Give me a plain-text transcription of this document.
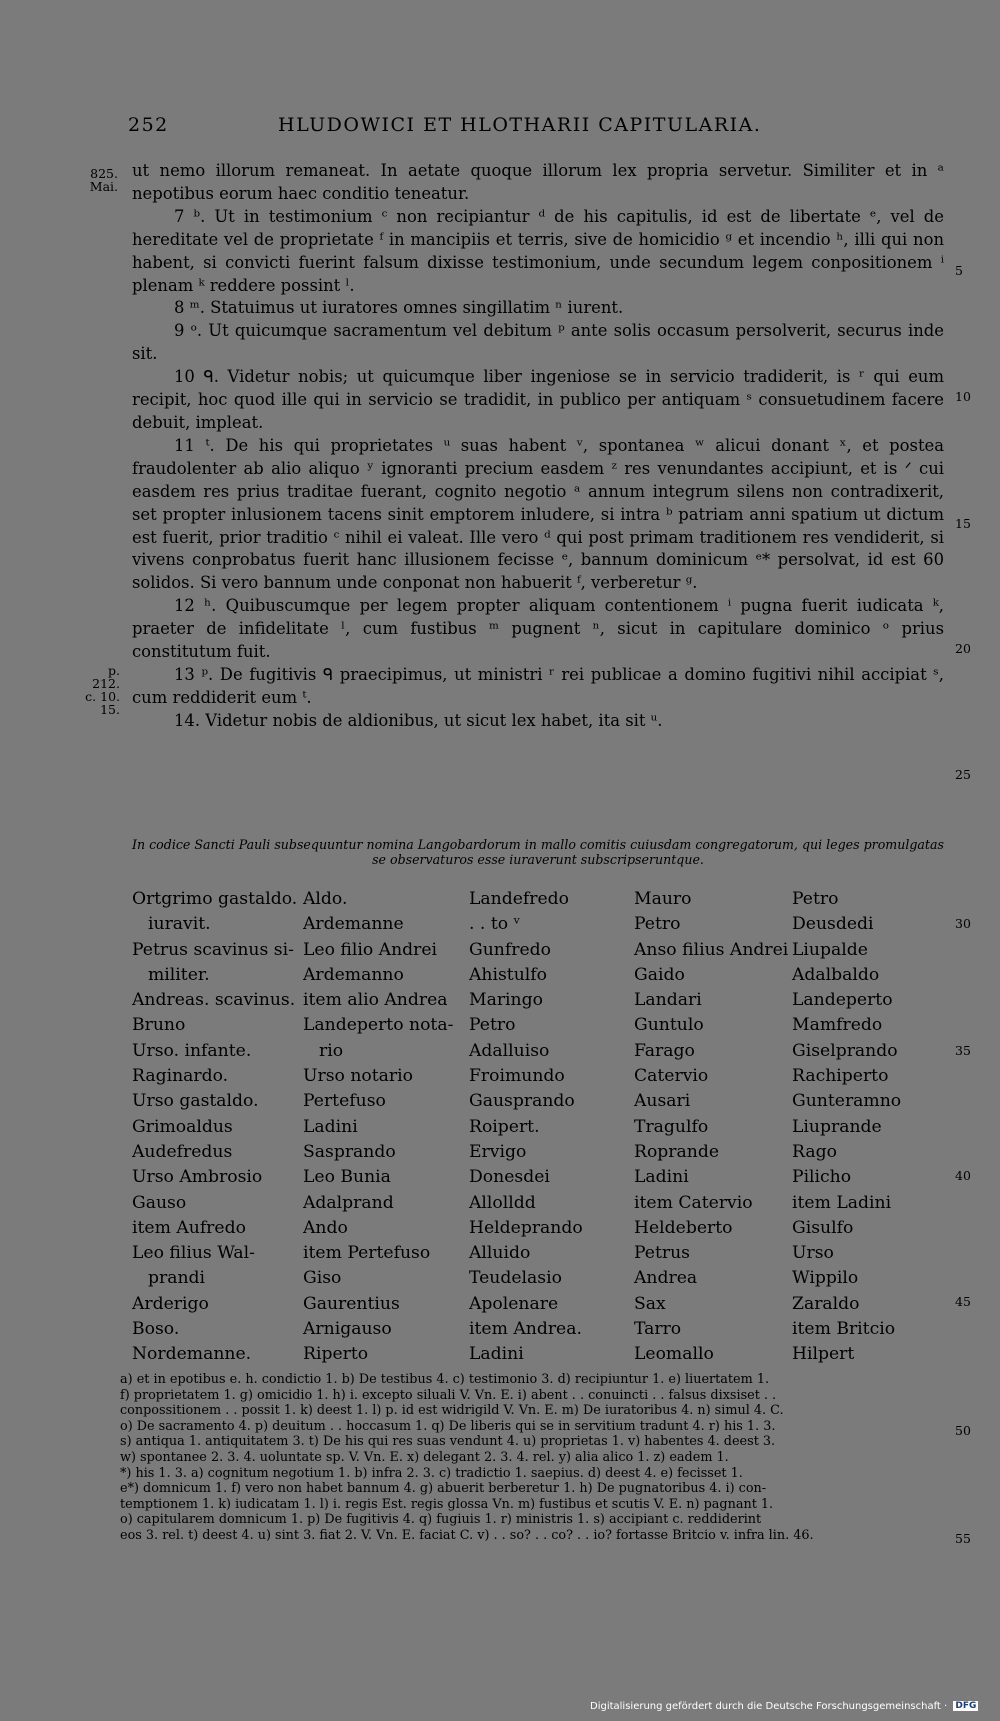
252	HLUDOWICI ET HLOTHARII CAPITULARIA.
825.
Mai.
p. 212.
c. 10.
15.
5
10
15
20
25
30
35
40
45
50
55

ut nemo illorum remaneat. In aetate quoque illorum lex propria servetur. Similiter et in ᵃ nepotibus eorum haec conditio teneatur.

7 ᵇ. Ut in testimonium ᶜ non recipiantur ᵈ de his capitulis, id est de libertate ᵉ, vel de hereditate vel de proprietate ᶠ in mancipiis et terris, sive de homicidio ᵍ et incendio ʰ, illi qui non habent, si convicti fuerint falsum dixisse testimonium, unde secundum legem conpositionem ⁱ plenam ᵏ reddere possint ˡ.

8 ᵐ. Statuimus ut iuratores omnes singillatim ⁿ iurent.

9 ᵒ. Ut quicumque sacramentum vel debitum ᵖ ante solis occasum persolverit, securus inde sit.

10 ᑫ. Videtur nobis; ut quicumque liber ingeniose se in servicio tradiderit, is ʳ qui eum recipit, hoc quod ille qui in servicio se tradidit, in publico per antiquam ˢ consuetudinem facere debuit, impleat.

11 ᵗ. De his qui proprietates ᵘ suas habent ᵛ, spontanea ʷ alicui donant ˣ, et postea fraudolenter ab alio aliquo ʸ ignoranti precium easdem ᶻ res venundantes accipiunt, et is ᐟ cui easdem res prius traditae fuerant, cognito negotio ᵃ annum integrum silens non contradixerit, set propter inlusionem tacens sinit emptorem inludere, si intra ᵇ patriam anni spatium ut dictum est fuerit, prior traditio ᶜ nihil ei valeat. Ille vero ᵈ qui post primam traditionem res vendiderit, si vivens conprobatus fuerit hanc illusionem fecisse ᵉ, bannum dominicum ᵉ* persolvat, id est 60 solidos. Si vero bannum unde conponat non habuerit ᶠ, verberetur ᵍ.

12 ʰ. Quibuscumque per legem propter aliquam contentionem ⁱ pugna fuerit iudicata ᵏ, praeter de infidelitate ˡ, cum fustibus ᵐ pugnent ⁿ, sicut in capitulare dominico ᵒ prius constitutum fuit.

13 ᵖ. De fugitivis ᑫ praecipimus, ut ministri ʳ rei publicae a domino fugitivi nihil accipiat ˢ, cum reddiderit eum ᵗ.

14. Videtur nobis de aldionibus, ut sicut lex habet, ita sit ᵘ.

In codice Sancti Pauli subsequuntur nomina Langobardorum in mallo comitis cuiusdam congregatorum, qui leges promulgatas se observaturos esse iuraverunt subscripseruntque.
Ortgrimo gastaldo.
iuravit.
Petrus scavinus si-
militer.
Andreas. scavinus.
Bruno
Urso. infante.
Raginardo.
Urso gastaldo.
Grimoaldus
Audefredus
Urso Ambrosio
Gauso
item Aufredo
Leo filius Wal-
prandi
Arderigo
Boso.
Nordemanne.
Aldo.
Ardemanne
Leo filio Andrei
Ardemanno
item alio Andrea
Landeperto nota-
rio
Urso notario
Pertefuso
Ladini
Sasprando
Leo Bunia
Adalprand
Ando
item Pertefuso
Giso
Gaurentius
Arnigauso
Riperto
Landefredo
. . to ᵛ
Gunfredo
Ahistulfo
Maringo
Petro
Adalluiso
Froimundo
Gausprando
Roipert.
Ervigo
Donesdei
Allolldd
Heldeprando
Alluido
Teudelasio
Apolenare
item Andrea.
Ladini
Mauro
Petro
Anso filius Andrei
Gaido
Landari
Guntulo
Farago
Catervio
Ausari
Tragulfo
Roprande
Ladini
item Catervio
Heldeberto
Petrus
Andrea
Sax
Tarro
Leomallo
Petro
Deusdedi
Liupalde
Adalbaldo
Landeperto
Mamfredo
Giselprando
Rachiperto
Gunteramno
Liuprande
Rago
Pilicho
item Ladini
Gisulfo
Urso
Wippilo
Zaraldo
item Britcio
Hilpert
a) et in epotibus e. h. condictio 1. b) De testibus 4. c) testimonio 3. d) recipiuntur 1. e) liuertatem 1.
f) proprietatem 1. g) omicidio 1. h) i. excepto siluali V. Vn. E. i) abent . . conuincti . . falsus dixsiset . .
conpossitionem . . possit 1. k) deest 1. l) p. id est widrigild V. Vn. E. m) De iuratoribus 4. n) simul 4. C.
o) De sacramento 4. p) deuitum . . hoccasum 1. q) De liberis qui se in servitium tradunt 4. r) his 1. 3.
s) antiqua 1. antiquitatem 3. t) De his qui res suas vendunt 4. u) proprietas 1. v) habentes 4. deest 3.
w) spontanee 2. 3. 4. uoluntate sp. V. Vn. E. x) delegant 2. 3. 4. rel. y) alia alico 1. z) eadem 1.
*) his 1. 3. a) cognitum negotium 1. b) infra 2. 3. c) tradictio 1. saepius. d) deest 4. e) fecisset 1.
e*) domnicum 1. f) vero non habet bannum 4. g) abuerit berberetur 1. h) De pugnatoribus 4. i) con-
temptionem 1. k) iudicatam 1. l) i. regis Est. regis glossa Vn. m) fustibus et scutis V. E. n) pagnant 1.
o) capitularem domnicum 1. p) De fugitivis 4. q) fugiuis 1. r) ministris 1. s) accipiant c. reddiderint
eos 3. rel. t) deest 4. u) sint 3. fiat 2. V. Vn. E. faciat C. v) . . so? . . co? . . io? fortasse Britcio v. infra lin. 46.
Digitalisierung gefördert durch die Deutsche Forschungsgemeinschaft · DFG
